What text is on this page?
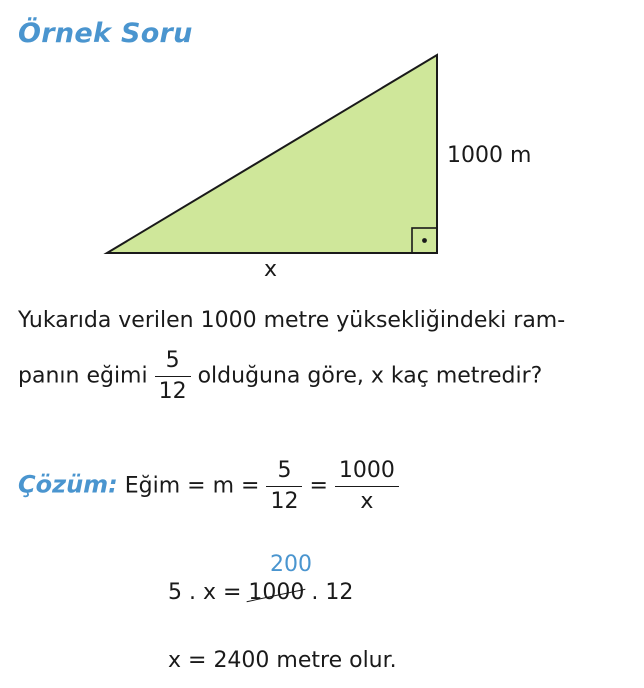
Örnek Soru
1000 m
x
Yukarıda verilen 1000 metre yüksekliğindeki ram-
panın eğimi $\frac{5}{12}$ olduğuna göre, x kaç metredir?
Çözüm: Eğim = $m = \frac{5}{12} = \frac{1000}{x}$
200
5 . x = 1000 . 12
x = 2400 metre olur.
